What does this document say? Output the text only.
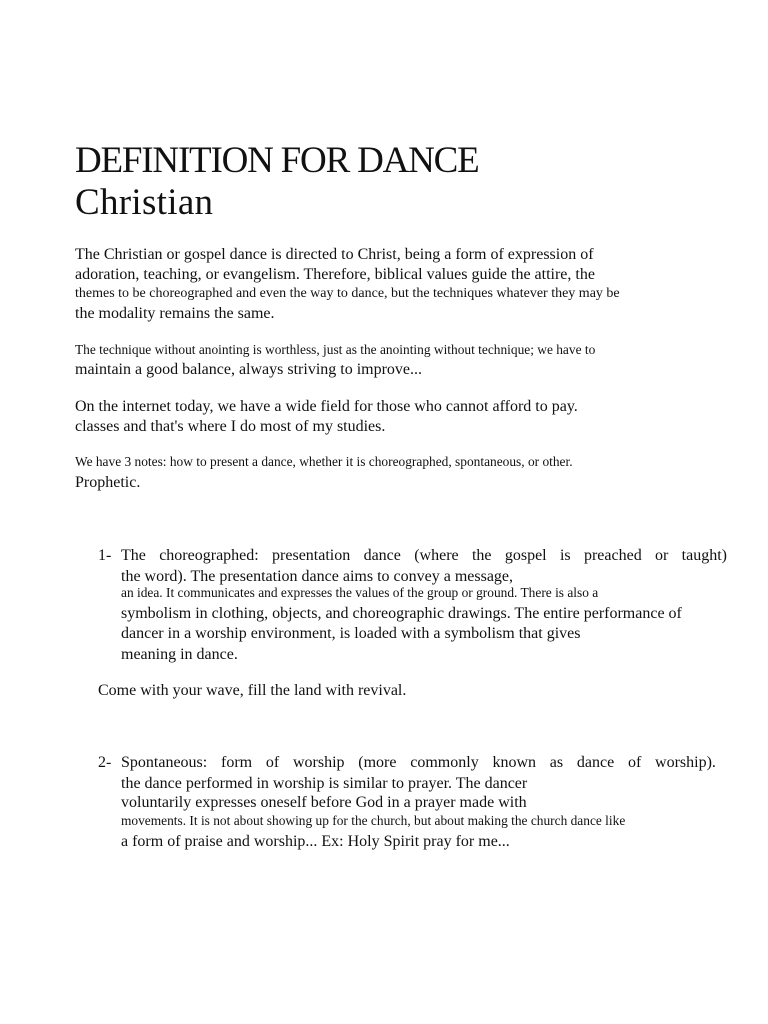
DEFINITION FOR DANCE
Christian
The Christian or gospel dance is directed to Christ, being a form of expression of
adoration, teaching, or evangelism. Therefore, biblical values guide the attire, the
themes to be choreographed and even the way to dance, but the techniques whatever they may be
the modality remains the same.
The technique without anointing is worthless, just as the anointing without technique; we have to
maintain a good balance, always striving to improve...
On the internet today, we have a wide field for those who cannot afford to pay.
classes and that's where I do most of my studies.
We have 3 notes: how to present a dance, whether it is choreographed, spontaneous, or other.
Prophetic.
1- The choreographed: presentation dance (where the gospel is preached or taught)
the word). The presentation dance aims to convey a message,
an idea. It communicates and expresses the values of the group or ground. There is also a
symbolism in clothing, objects, and choreographic drawings. The entire performance of
dancer in a worship environment, is loaded with a symbolism that gives
meaning in dance.
Come with your wave, fill the land with revival.
2- Spontaneous: form of worship (more commonly known as dance of worship).
the dance performed in worship is similar to prayer. The dancer
voluntarily expresses oneself before God in a prayer made with
movements. It is not about showing up for the church, but about making the church dance like
a form of praise and worship... Ex: Holy Spirit pray for me...
